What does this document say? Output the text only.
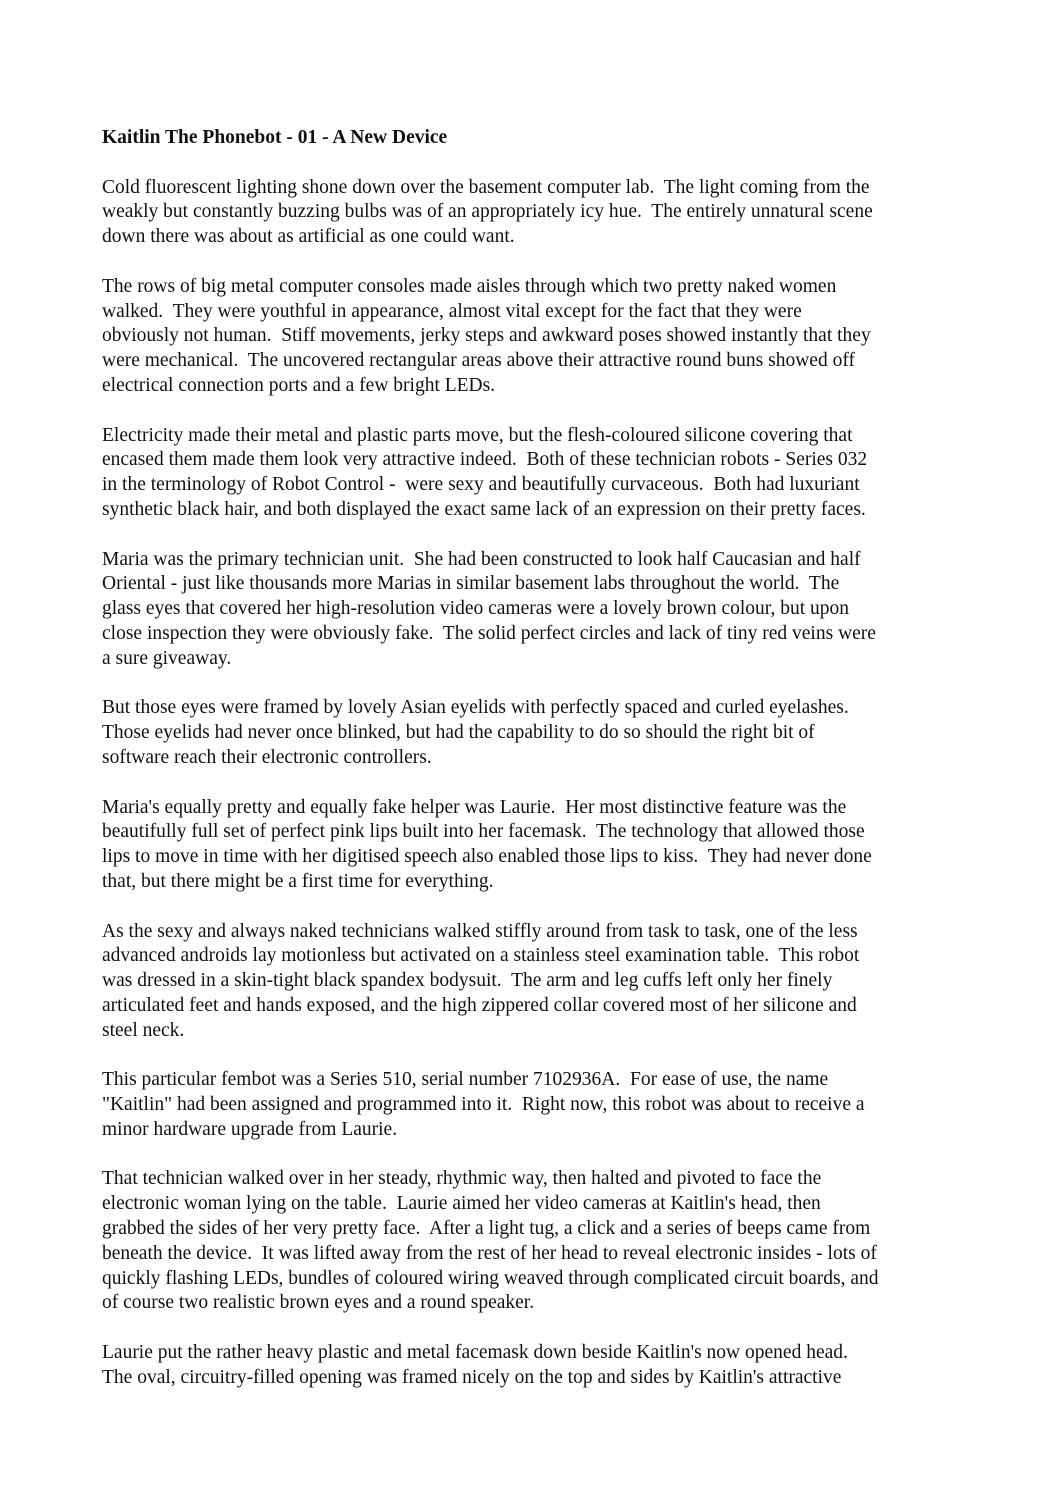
Kaitlin The Phonebot - 01 - A New Device
Cold fluorescent lighting shone down over the basement computer lab.  The light coming from the
weakly but constantly buzzing bulbs was of an appropriately icy hue.  The entirely unnatural scene
down there was about as artificial as one could want.
The rows of big metal computer consoles made aisles through which two pretty naked women
walked.  They were youthful in appearance, almost vital except for the fact that they were
obviously not human.  Stiff movements, jerky steps and awkward poses showed instantly that they
were mechanical.  The uncovered rectangular areas above their attractive round buns showed off
electrical connection ports and a few bright LEDs.
Electricity made their metal and plastic parts move, but the flesh-coloured silicone covering that
encased them made them look very attractive indeed.  Both of these technician robots - Series 032
in the terminology of Robot Control -  were sexy and beautifully curvaceous.  Both had luxuriant
synthetic black hair, and both displayed the exact same lack of an expression on their pretty faces.
Maria was the primary technician unit.  She had been constructed to look half Caucasian and half
Oriental - just like thousands more Marias in similar basement labs throughout the world.  The
glass eyes that covered her high-resolution video cameras were a lovely brown colour, but upon
close inspection they were obviously fake.  The solid perfect circles and lack of tiny red veins were
a sure giveaway.
But those eyes were framed by lovely Asian eyelids with perfectly spaced and curled eyelashes.
Those eyelids had never once blinked, but had the capability to do so should the right bit of
software reach their electronic controllers.
Maria's equally pretty and equally fake helper was Laurie.  Her most distinctive feature was the
beautifully full set of perfect pink lips built into her facemask.  The technology that allowed those
lips to move in time with her digitised speech also enabled those lips to kiss.  They had never done
that, but there might be a first time for everything.
As the sexy and always naked technicians walked stiffly around from task to task, one of the less
advanced androids lay motionless but activated on a stainless steel examination table.  This robot
was dressed in a skin-tight black spandex bodysuit.  The arm and leg cuffs left only her finely
articulated feet and hands exposed, and the high zippered collar covered most of her silicone and
steel neck.
This particular fembot was a Series 510, serial number 7102936A.  For ease of use, the name
"Kaitlin" had been assigned and programmed into it.  Right now, this robot was about to receive a
minor hardware upgrade from Laurie.
That technician walked over in her steady, rhythmic way, then halted and pivoted to face the
electronic woman lying on the table.  Laurie aimed her video cameras at Kaitlin's head, then
grabbed the sides of her very pretty face.  After a light tug, a click and a series of beeps came from
beneath the device.  It was lifted away from the rest of her head to reveal electronic insides - lots of
quickly flashing LEDs, bundles of coloured wiring weaved through complicated circuit boards, and
of course two realistic brown eyes and a round speaker.
Laurie put the rather heavy plastic and metal facemask down beside Kaitlin's now opened head.
The oval, circuitry-filled opening was framed nicely on the top and sides by Kaitlin's attractive
